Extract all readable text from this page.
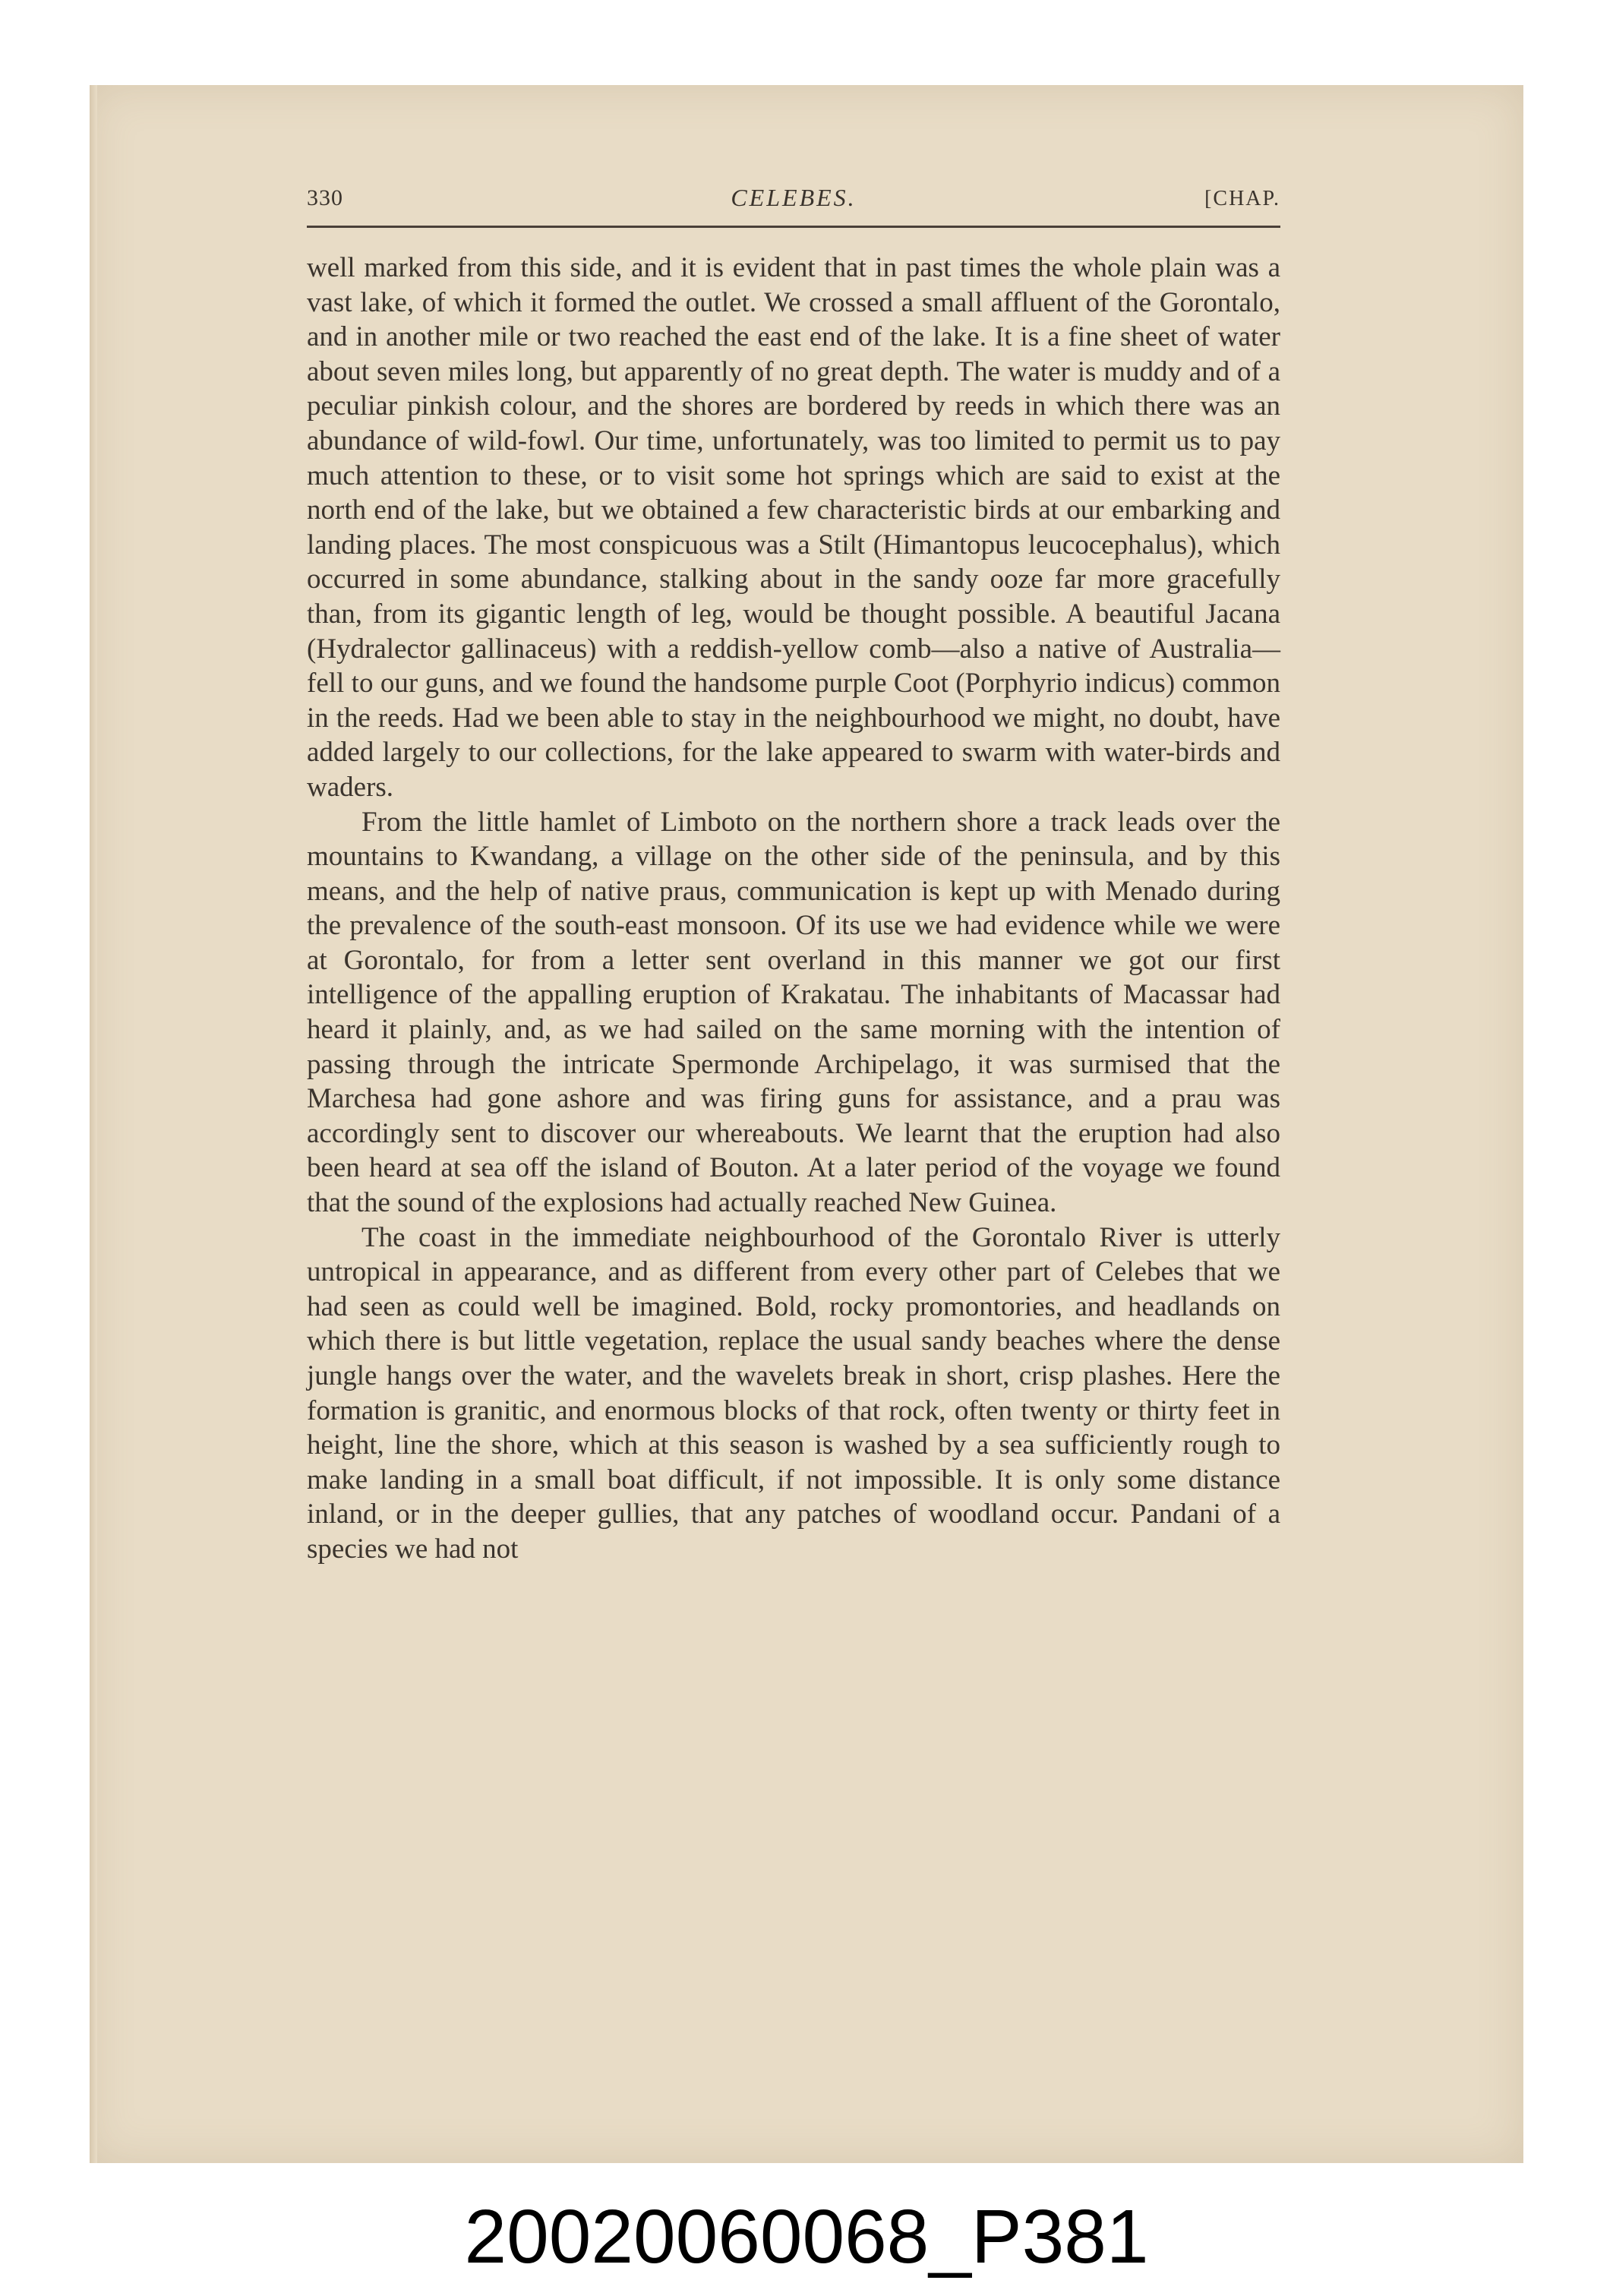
330	CELEBES.	[CHAP.

well marked from this side, and it is evident that in past times the whole plain was a vast lake, of which it formed the outlet. We crossed a small affluent of the Gorontalo, and in another mile or two reached the east end of the lake. It is a fine sheet of water about seven miles long, but apparently of no great depth. The water is muddy and of a peculiar pinkish colour, and the shores are bordered by reeds in which there was an abundance of wild-fowl. Our time, unfortunately, was too limited to permit us to pay much attention to these, or to visit some hot springs which are said to exist at the north end of the lake, but we obtained a few characteristic birds at our embarking and landing places. The most conspicuous was a Stilt (Himantopus leucocephalus), which occurred in some abundance, stalking about in the sandy ooze far more gracefully than, from its gigantic length of leg, would be thought possible. A beautiful Jacana (Hydralector gallinaceus) with a reddish-yellow comb—also a native of Australia—fell to our guns, and we found the handsome purple Coot (Porphyrio indicus) common in the reeds. Had we been able to stay in the neighbourhood we might, no doubt, have added largely to our collections, for the lake appeared to swarm with water-birds and waders.

From the little hamlet of Limboto on the northern shore a track leads over the mountains to Kwandang, a village on the other side of the peninsula, and by this means, and the help of native praus, communication is kept up with Menado during the prevalence of the south-east monsoon. Of its use we had evidence while we were at Gorontalo, for from a letter sent overland in this manner we got our first intelligence of the appalling eruption of Krakatau. The inhabitants of Macassar had heard it plainly, and, as we had sailed on the same morning with the intention of passing through the intricate Spermonde Archipelago, it was surmised that the Marchesa had gone ashore and was firing guns for assistance, and a prau was accordingly sent to discover our whereabouts. We learnt that the eruption had also been heard at sea off the island of Bouton. At a later period of the voyage we found that the sound of the explosions had actually reached New Guinea.

The coast in the immediate neighbourhood of the Gorontalo River is utterly untropical in appearance, and as different from every other part of Celebes that we had seen as could well be imagined. Bold, rocky promontories, and headlands on which there is but little vegetation, replace the usual sandy beaches where the dense jungle hangs over the water, and the wavelets break in short, crisp plashes. Here the formation is granitic, and enormous blocks of that rock, often twenty or thirty feet in height, line the shore, which at this season is washed by a sea sufficiently rough to make landing in a small boat difficult, if not impossible. It is only some distance inland, or in the deeper gullies, that any patches of woodland occur. Pandani of a species we had not

20020060068_P381
